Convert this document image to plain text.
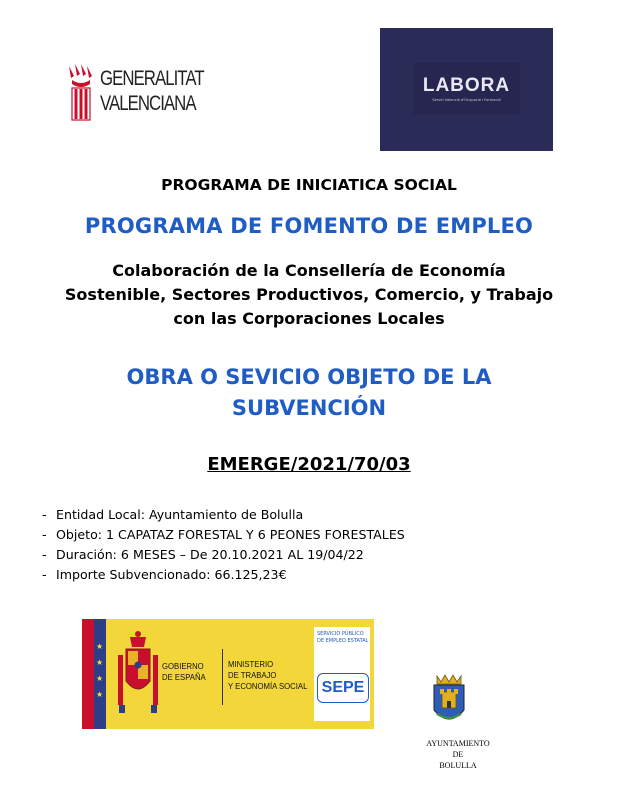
GENERALITAT
VALENCIANA
LABORA
Servei Valencià d'Ocupació i Formació
PROGRAMA DE INICIATICA SOCIAL
PROGRAMA DE FOMENTO DE EMPLEO
Colaboración de la Consellería de Economía
Sostenible, Sectores Productivos, Comercio, y Trabajo
con las Corporaciones Locales
OBRA O SEVICIO OBJETO DE LA
SUBVENCIÓN
EMERGE/2021/70/03
- Entidad Local: Ayuntamiento de Bolulla
- Objeto: 1 CAPATAZ FORESTAL Y 6 PEONES FORESTALES
- Duración: 6 MESES – De 20.10.2021 AL 19/04/22
- Importe Subvencionado: 66.125,23€
★
★
★
★
GOBIERNO
DE ESPAÑA
MINISTERIO
DE TRABAJO
Y ECONOMÍA SOCIAL
SERVICIO PÚBLICO
DE EMPLEO ESTATAL
SEPE
AYUNTAMIENTO
DE
BOLULLA
